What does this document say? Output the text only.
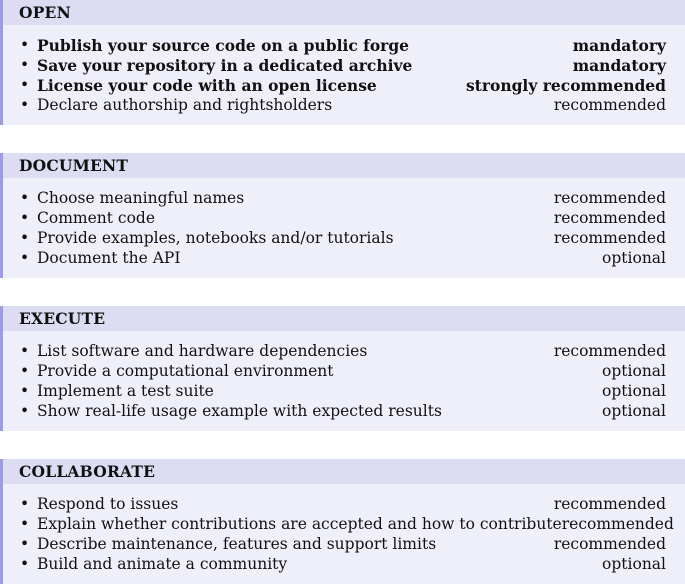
OPEN
• Publish your source code on a public forge	mandatory
• Save your repository in a dedicated archive	mandatory
• License your code with an open license	strongly recommended
• Declare authorship and rightsholders	recommended
DOCUMENT
• Choose meaningful names	recommended
• Comment code	recommended
• Provide examples, notebooks and/or tutorials	recommended
• Document the API	optional
EXECUTE
• List software and hardware dependencies	recommended
• Provide a computational environment	optional
• Implement a test suite	optional
• Show real-life usage example with expected results	optional
COLLABORATE
• Respond to issues	recommended
• Explain whether contributions are accepted and how to contribute recommended
• Describe maintenance, features and support limits	recommended
• Build and animate a community	optional
